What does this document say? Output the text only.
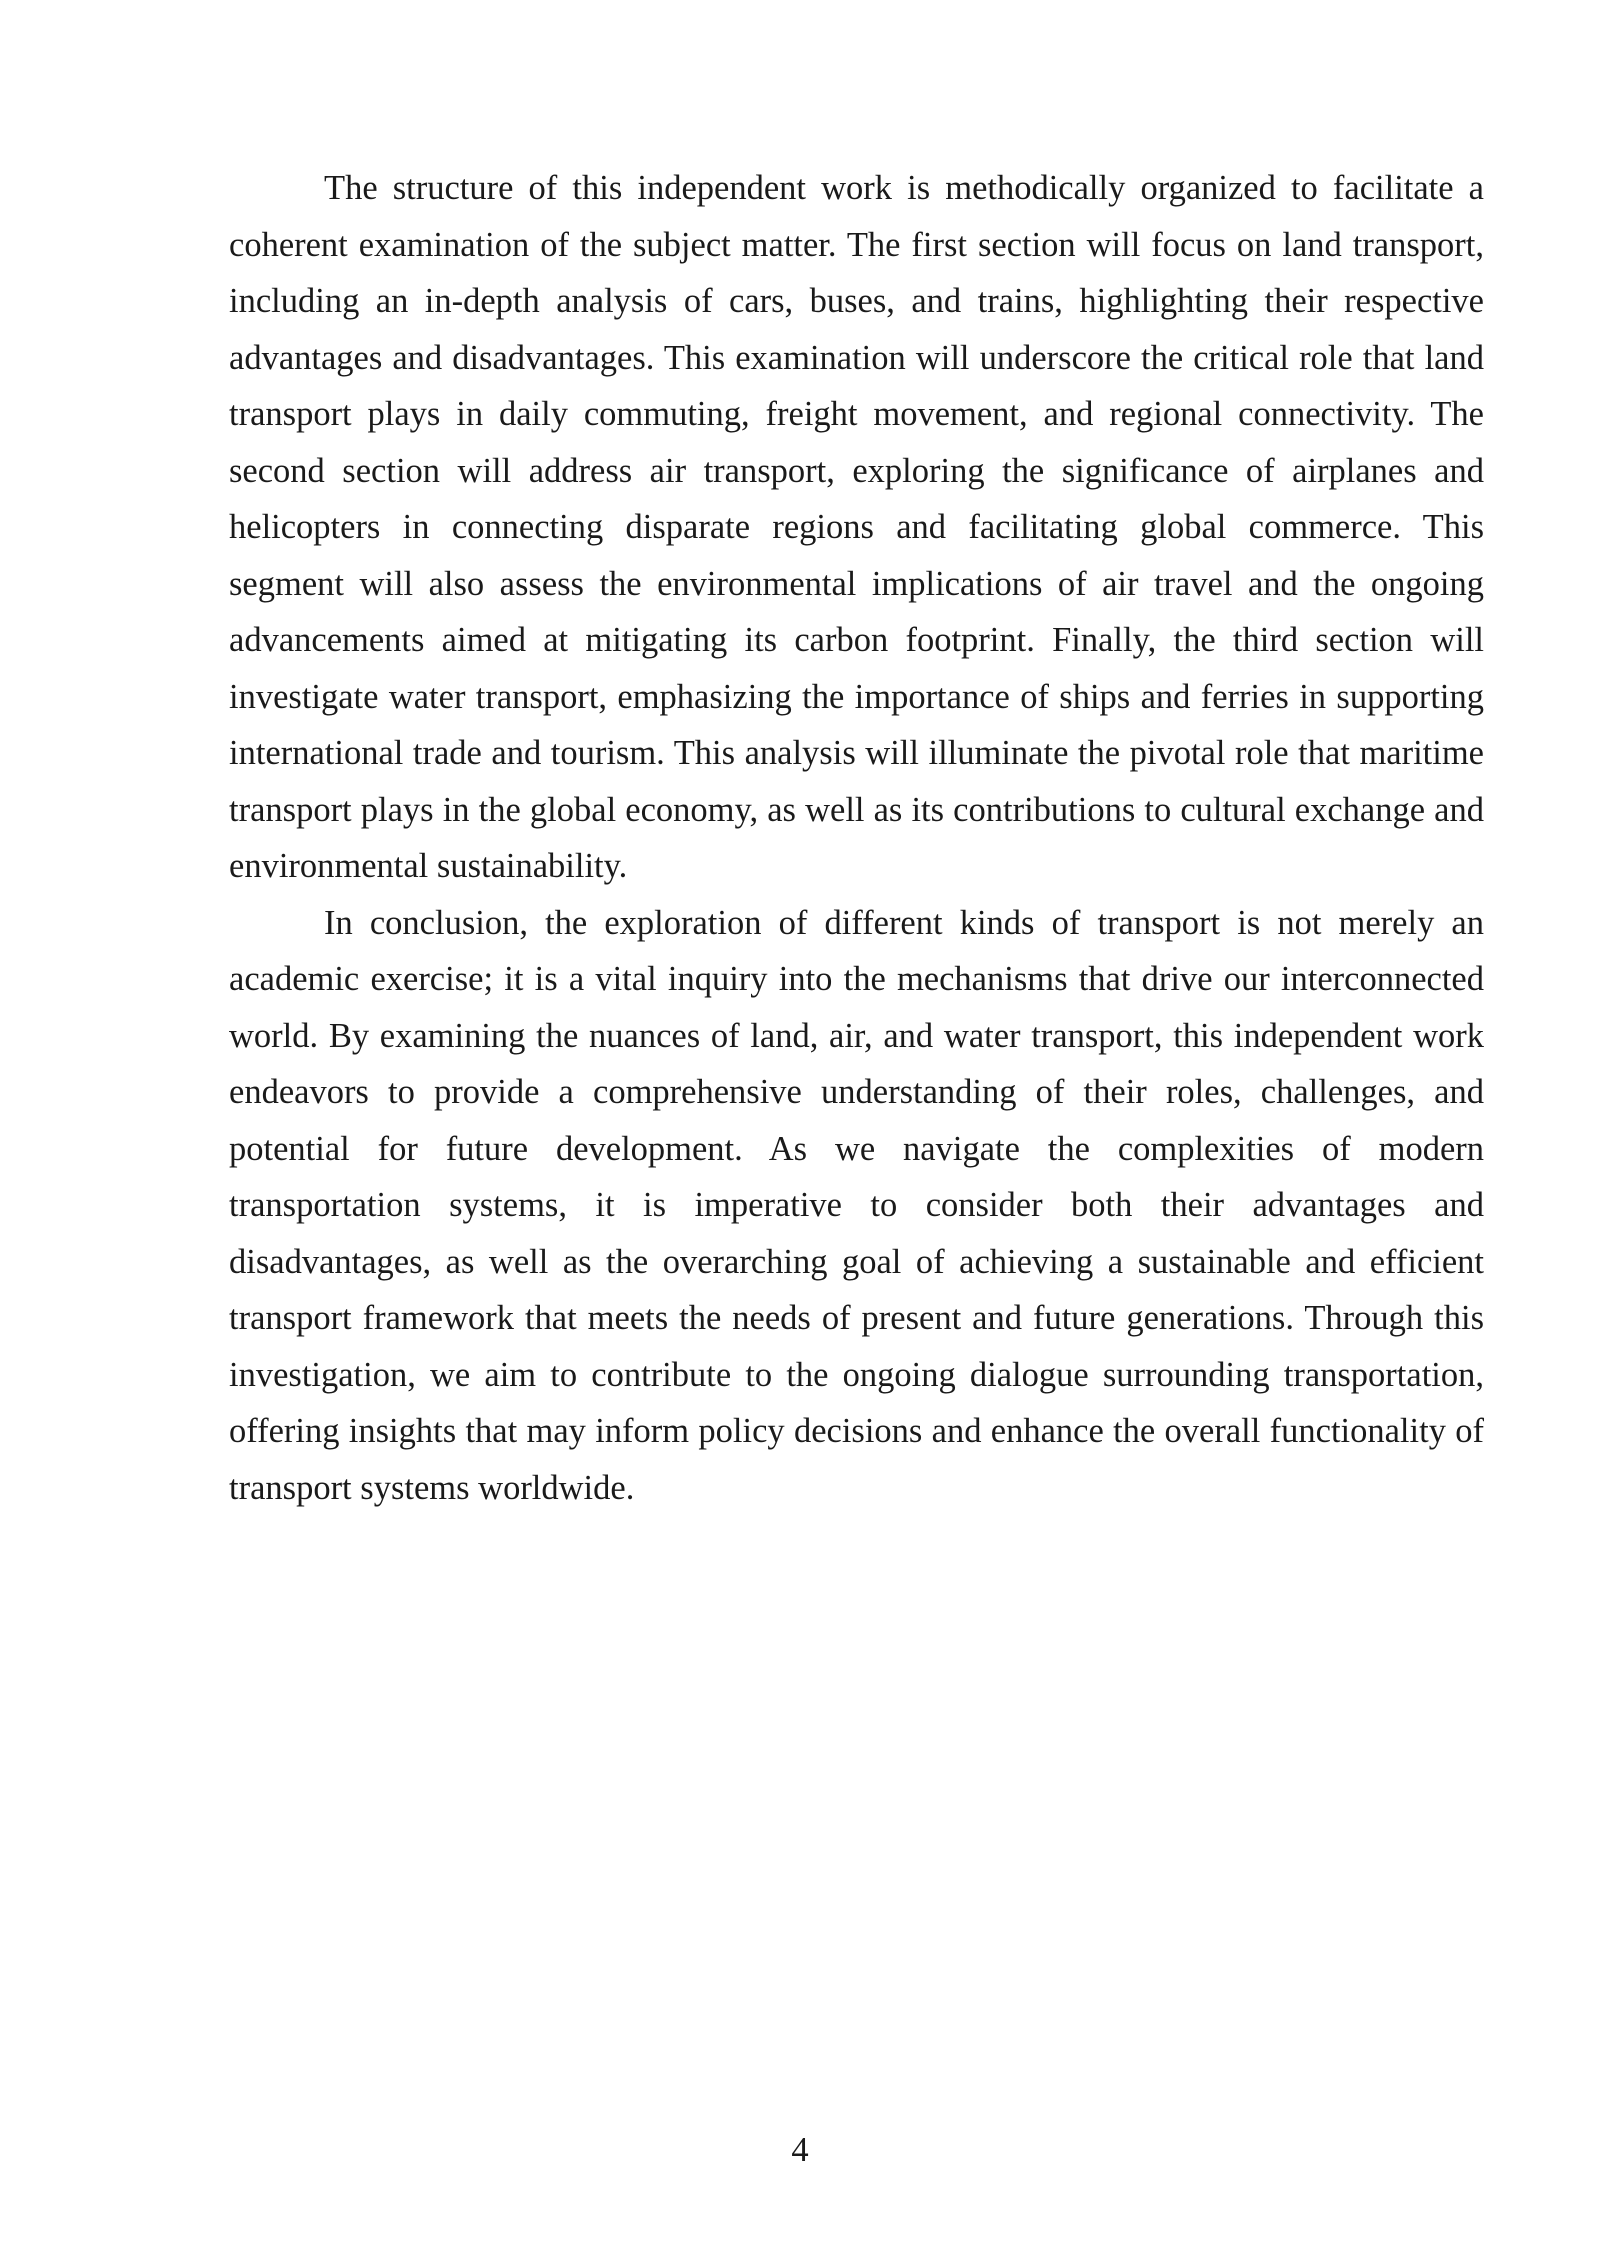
The structure of this independent work is methodically organized to facilitate a coherent examination of the subject matter. The first section will focus on land transport, including an in-depth analysis of cars, buses, and trains, highlighting their respective advantages and disadvantages. This examination will underscore the critical role that land transport plays in daily commuting, freight movement, and regional connectivity. The second section will address air transport, exploring the significance of airplanes and helicopters in connecting disparate regions and facilitating global commerce. This segment will also assess the environmental implications of air travel and the ongoing advancements aimed at mitigating its carbon footprint. Finally, the third section will investigate water transport, emphasizing the importance of ships and ferries in supporting international trade and tourism. This analysis will illuminate the pivotal role that maritime transport plays in the global economy, as well as its contributions to cultural exchange and environmental sustainability.

In conclusion, the exploration of different kinds of transport is not merely an academic exercise; it is a vital inquiry into the mechanisms that drive our interconnected world. By examining the nuances of land, air, and water transport, this independent work endeavors to provide a comprehensive understanding of their roles, challenges, and potential for future development. As we navigate the complexities of modern transportation systems, it is imperative to consider both their advantages and disadvantages, as well as the overarching goal of achieving a sustainable and efficient transport framework that meets the needs of present and future generations. Through this investigation, we aim to contribute to the ongoing dialogue surrounding transportation, offering insights that may inform policy decisions and enhance the overall functionality of transport systems worldwide.

4
